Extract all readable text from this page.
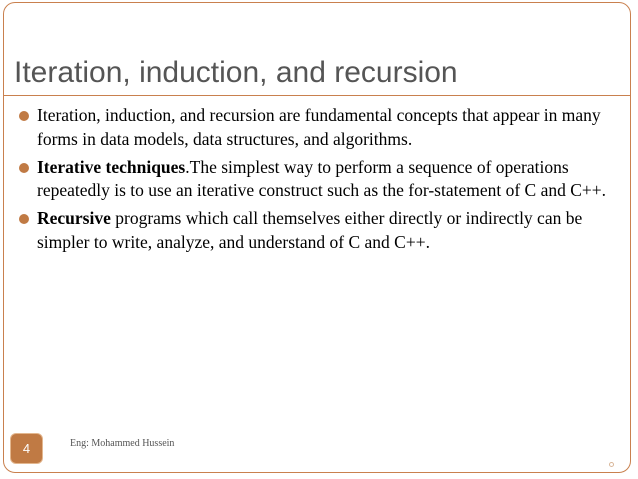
Iteration, induction, and recursion
Iteration, induction, and recursion are fundamental concepts that appear in many forms in data models, data structures, and algorithms.
Iterative techniques.The simplest way to perform a sequence of operations repeatedly is to use an iterative construct such as the for-statement of C and C++.
Recursive programs which call themselves either directly or indirectly can be simpler to write, analyze, and understand of C and C++.
4	Eng: Mohammed Hussein
